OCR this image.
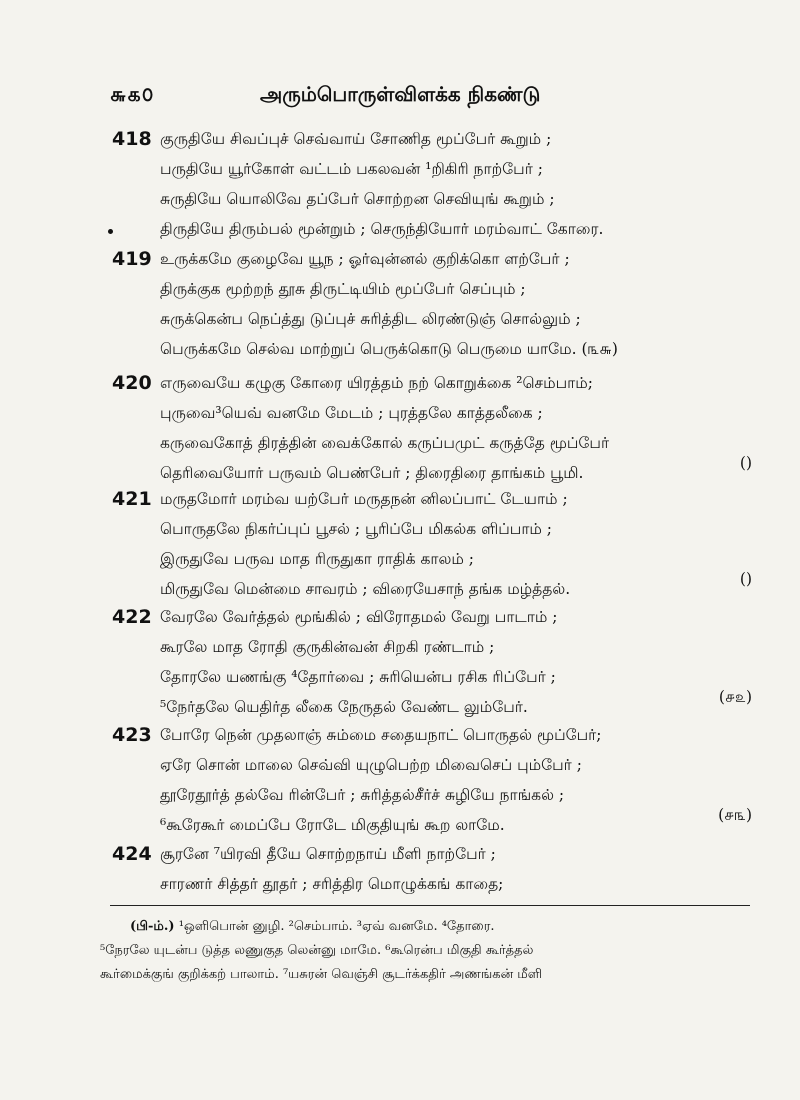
௬௧௦	அரும்பொருள்விளக்க நிகண்டு
418 குருதியே சிவப்புச் செவ்வாய் சோணித மூப்பேர் கூறும் ;
பருதியே யூர்கோள் வட்டம் பகலவன் ¹றிகிரி நாற்பேர் ;
சுருதியே யொலிவே தப்பேர் சொற்றன செவியுங் கூறும் ;
திருதியே திரும்பல் மூன்றும் ; செருந்தியோர் மரம்வாட் கோரை.
419 உருக்கமே குழைவே யூந ; ஓர்வுன்னல் குறிக்கொ ளற்பேர் ;
திருக்குக மூற்றந் தூசு திருட்டியிம் மூப்பேர் செப்பும் ;
சுருக்கென்ப நெப்த்து டுப்புச் சுரித்திட லிரண்டுஞ் சொல்லும் ;
பெருக்கமே செல்வ மாற்றுப் பெருக்கொடு பெருமை யாமே. (௩௬)
420 எருவையே கழுகு கோரை யிரத்தம் நற் கொறுக்கை ²செம்பாம்;
புருவை³யெவ் வனமே மேடம் ; புரத்தலே காத்தலீகை ;
கருவைகோத் திரத்தின் வைக்கோல் கருப்பமுட் கருத்தே மூப்பேர்
தெரிவையோர் பருவம் பெண்பேர் ; திரைதிரை தாங்கம் பூமி.
()
421 மருதமோர் மரம்வ யற்பேர் மருதநன் னிலப்பாட் டேயாம் ;
பொருதலே நிகர்ப்புப் பூசல் ; பூரிப்பே மிகல்க ளிப்பாம் ;
இருதுவே பருவ மாத ரிருதுகா ராதிக் காலம் ;
மிருதுவே மென்மை சாவரம் ; விரையேசாந் தங்க மழ்த்தல்.
()
422 வேரலே வேர்த்தல் மூங்கில் ; விரோதமல் வேறு பாடாம் ;
கூரலே மாத ரோதி குருகின்வன் சிறகி ரண்டாம் ;
தோரலே யணங்கு ⁴தோர்வை ; சுரியென்ப ரசிக ரிப்பேர் ;
⁵நேர்தலே யெதிர்த லீகை நேருதல் வேண்ட லும்பேர்.
(௪௨)
423 போரே நென் முதலாஞ் சும்மை சதையநாட் பொருதல் மூப்பேர்;
ஏரே சொன் மாலை செவ்வி யுழுபெற்ற மிவைசெப் பும்பேர் ;
தூரேதூர்த் தல்வே ரின்பேர் ; சுரித்தல்சீர்ச் சுழியே நாங்கல் ;
⁶கூரேகூர் மைப்பே ரோடே மிகுதியுங் கூற லாமே.
(௪௩)
424 சூரனே ⁷யிரவி தீயே சொற்றநாய் மீளி நாற்பேர் ;
சாரணர் சித்தர் தூதர் ; சரித்திர மொழுக்கங் காதை;
(பி-ம்.) ¹ஒளிபொன் னுழி. ²செம்பாம். ³ஏவ் வனமே. ⁴தோரை.
⁵நேரலே யுடன்ப டுத்த லணுகுத லென்னு மாமே. ⁶கூரென்ப மிகுதி கூர்த்தல்
கூர்மைக்குங் குறிக்கற் பாலாம். ⁷யசுரன் வெஞ்சி சூடர்க்கதிர் அணங்கன் மீளி
